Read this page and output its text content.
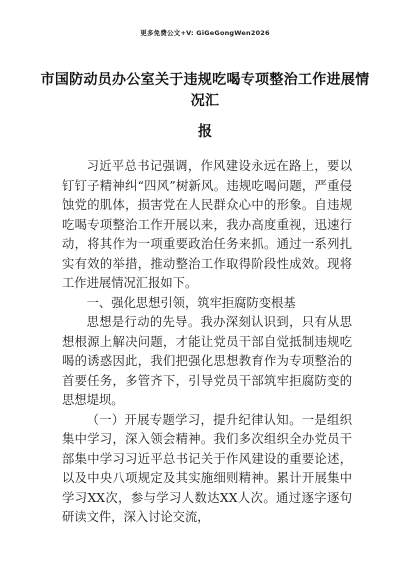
更多免费公文+V: GiGeGongWen2026
市国防动员办公室关于违规吃喝专项整治工作进展情况汇
报

习近平总书记强调，作风建设永远在路上，要以钉钉子精神纠“四风”树新风。违规吃喝问题，严重侵蚀党的肌体，损害党在人民群众心中的形象。自违规吃喝专项整治工作开展以来，我办高度重视，迅速行动，将其作为一项重要政治任务来抓。通过一系列扎实有效的举措，推动整治工作取得阶段性成效。现将工作进展情况汇报如下。

一、强化思想引领，筑牢拒腐防变根基

思想是行动的先导。我办深刻认识到，只有从思想根源上解决问题，才能让党员干部自觉抵制违规吃喝的诱惑因此，我们把强化思想教育作为专项整治的首要任务，多管齐下，引导党员干部筑牢拒腐防变的思想堤坝。

（一）开展专题学习，提升纪律认知。一是组织集中学习，深入领会精神。我们多次组织全办党员干部集中学习习近平总书记关于作风建设的重要论述，以及中央八项规定及其实施细则精神。累计开展集中学习XX次，参与学习人数达XX人次。通过逐字逐句研读文件，深入讨论交流，
